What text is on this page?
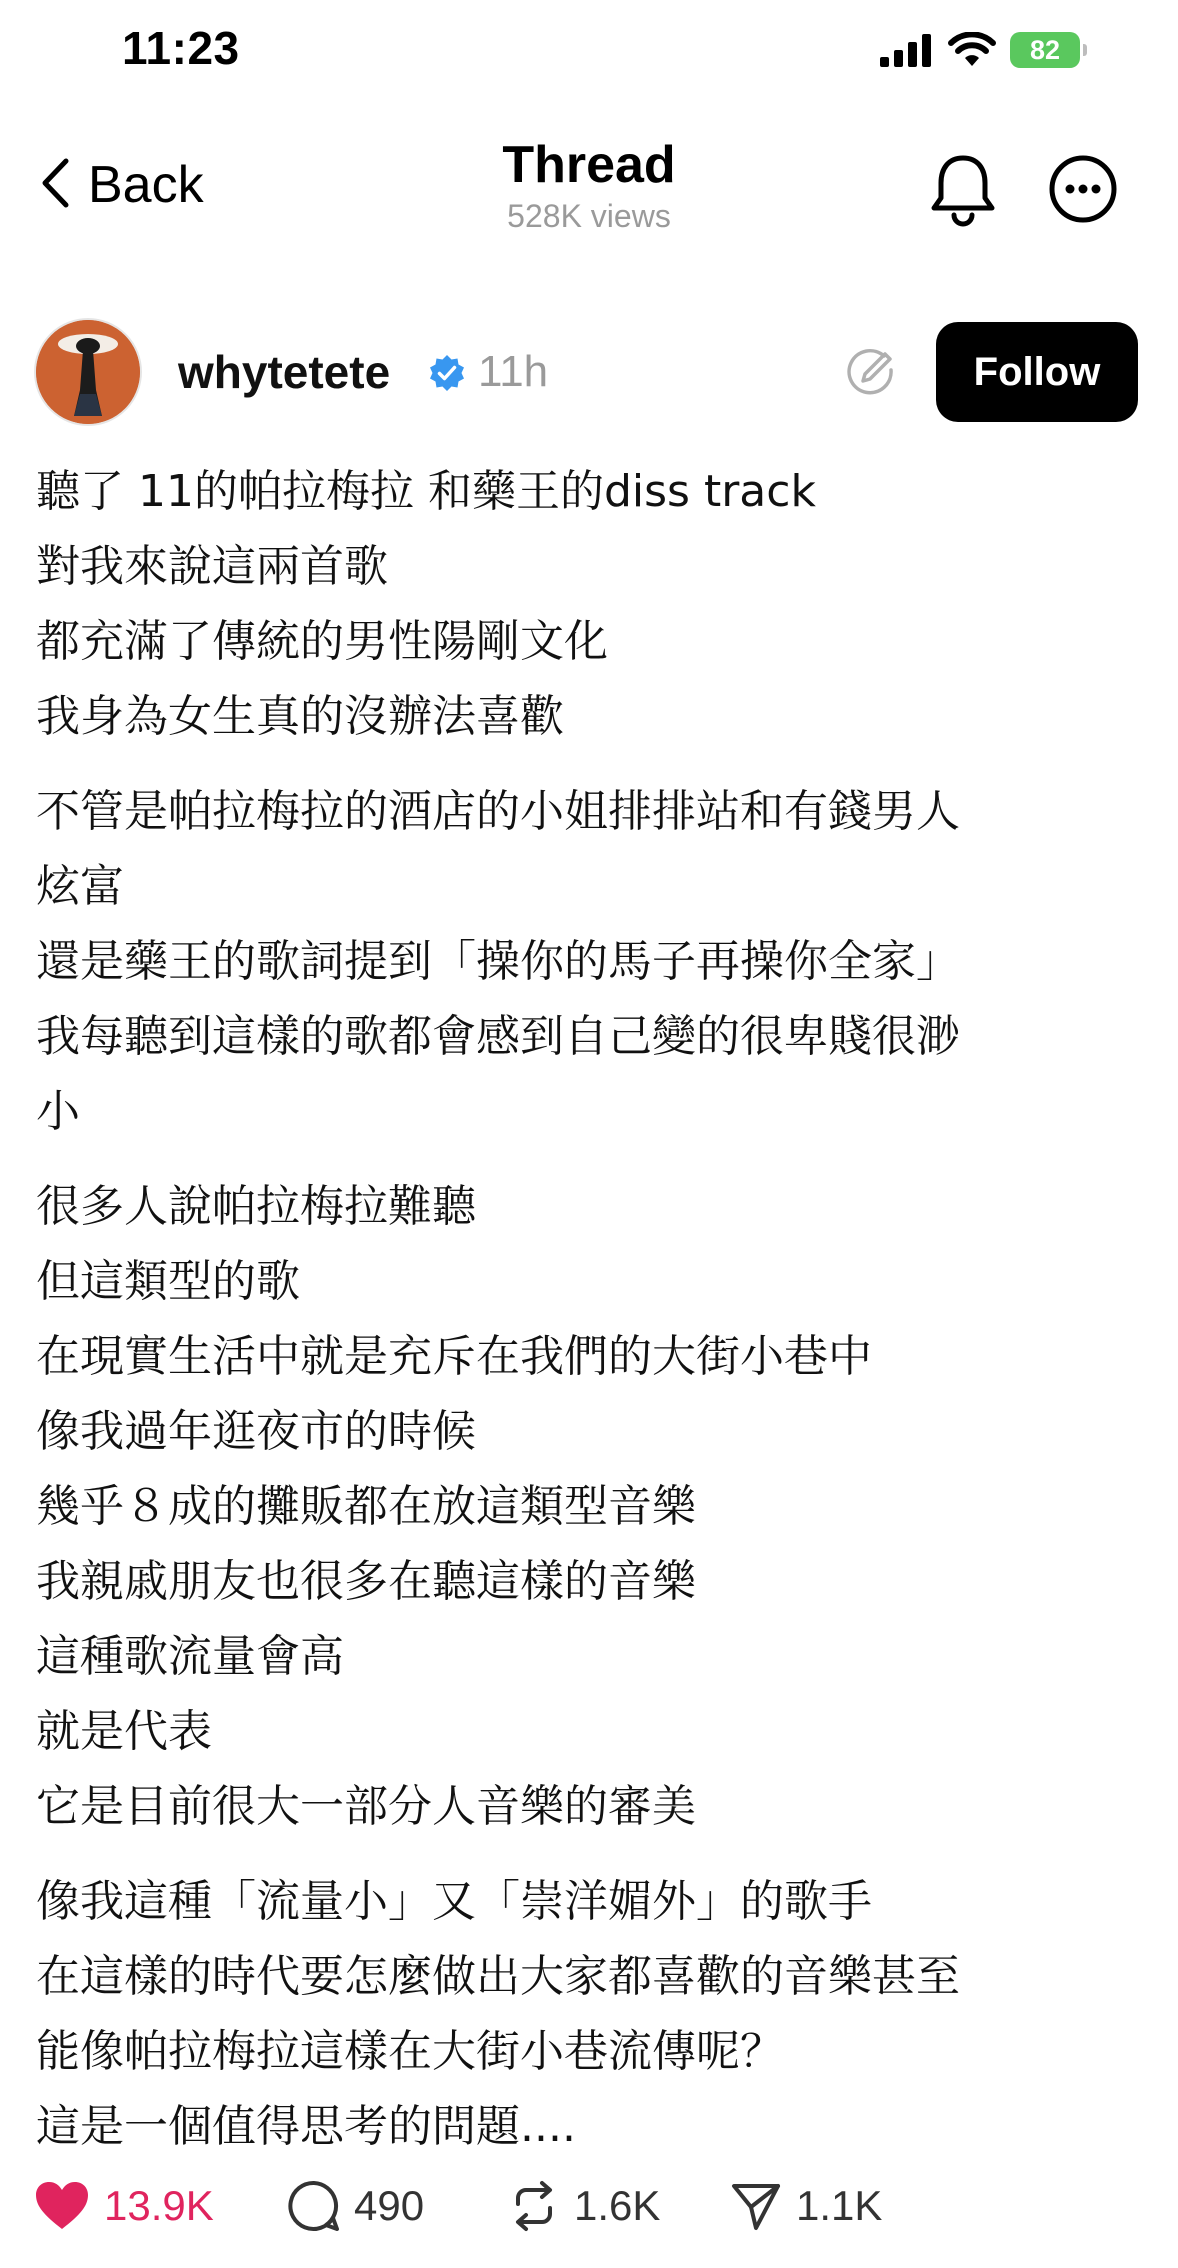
11:23	82
Back	Thread
528K views
whytetete 11h	Follow
聽了 11的帕拉梅拉 和藥王的diss track
對我來說這兩首歌
都充滿了傳統的男性陽剛文化
我身為女生真的沒辦法喜歡
不管是帕拉梅拉的酒店的小姐排排站和有錢男人
炫富
還是藥王的歌詞提到「操你的馬子再操你全家」
我每聽到這樣的歌都會感到自己變的很卑賤很渺
小
很多人說帕拉梅拉難聽
但這類型的歌
在現實生活中就是充斥在我們的大街小巷中
像我過年逛夜市的時候
幾乎８成的攤販都在放這類型音樂
我親戚朋友也很多在聽這樣的音樂
這種歌流量會高
就是代表
它是目前很大一部分人音樂的審美
像我這種「流量小」又「崇洋媚外」的歌手
在這樣的時代要怎麼做出大家都喜歡的音樂甚至
能像帕拉梅拉這樣在大街小巷流傳呢？
這是一個值得思考的問題....
13.9K	490	1.6K	1.1K
